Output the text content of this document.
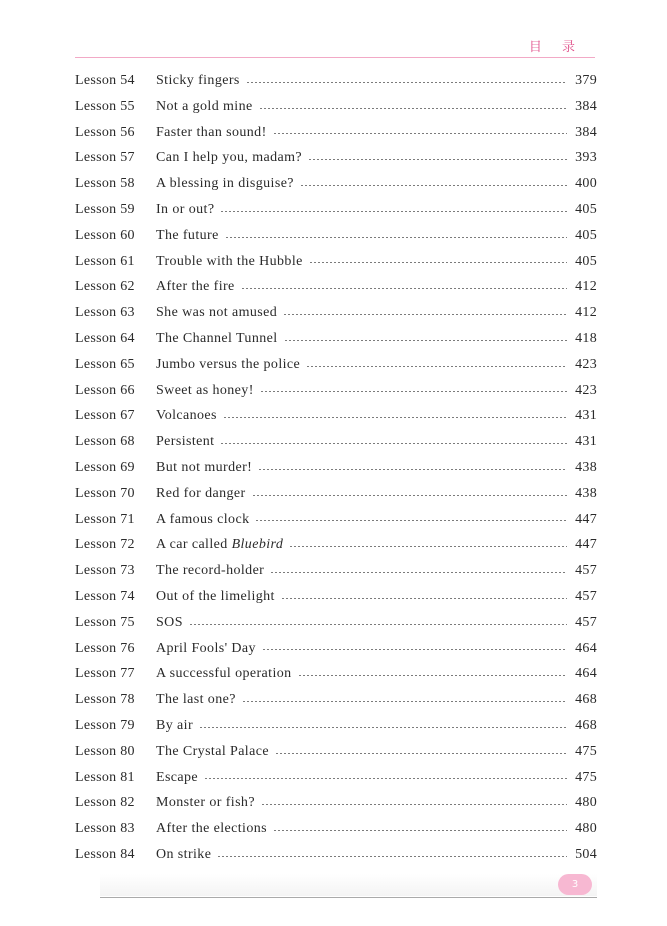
目 录
Lesson 54	Sticky fingers	379
Lesson 55	Not a gold mine	384
Lesson 56	Faster than sound!	384
Lesson 57	Can I help you, madam?	393
Lesson 58	A blessing in disguise?	400
Lesson 59	In or out?	405
Lesson 60	The future	405
Lesson 61	Trouble with the Hubble	405
Lesson 62	After the fire	412
Lesson 63	She was not amused	412
Lesson 64	The Channel Tunnel	418
Lesson 65	Jumbo versus the police	423
Lesson 66	Sweet as honey!	423
Lesson 67	Volcanoes	431
Lesson 68	Persistent	431
Lesson 69	But not murder!	438
Lesson 70	Red for danger	438
Lesson 71	A famous clock	447
Lesson 72	A car called Bluebird	447
Lesson 73	The record-holder	457
Lesson 74	Out of the limelight	457
Lesson 75	SOS	457
Lesson 76	April Fools' Day	464
Lesson 77	A successful operation	464
Lesson 78	The last one?	468
Lesson 79	By air	468
Lesson 80	The Crystal Palace	475
Lesson 81	Escape	475
Lesson 82	Monster or fish?	480
Lesson 83	After the elections	480
Lesson 84	On strike	504
3
